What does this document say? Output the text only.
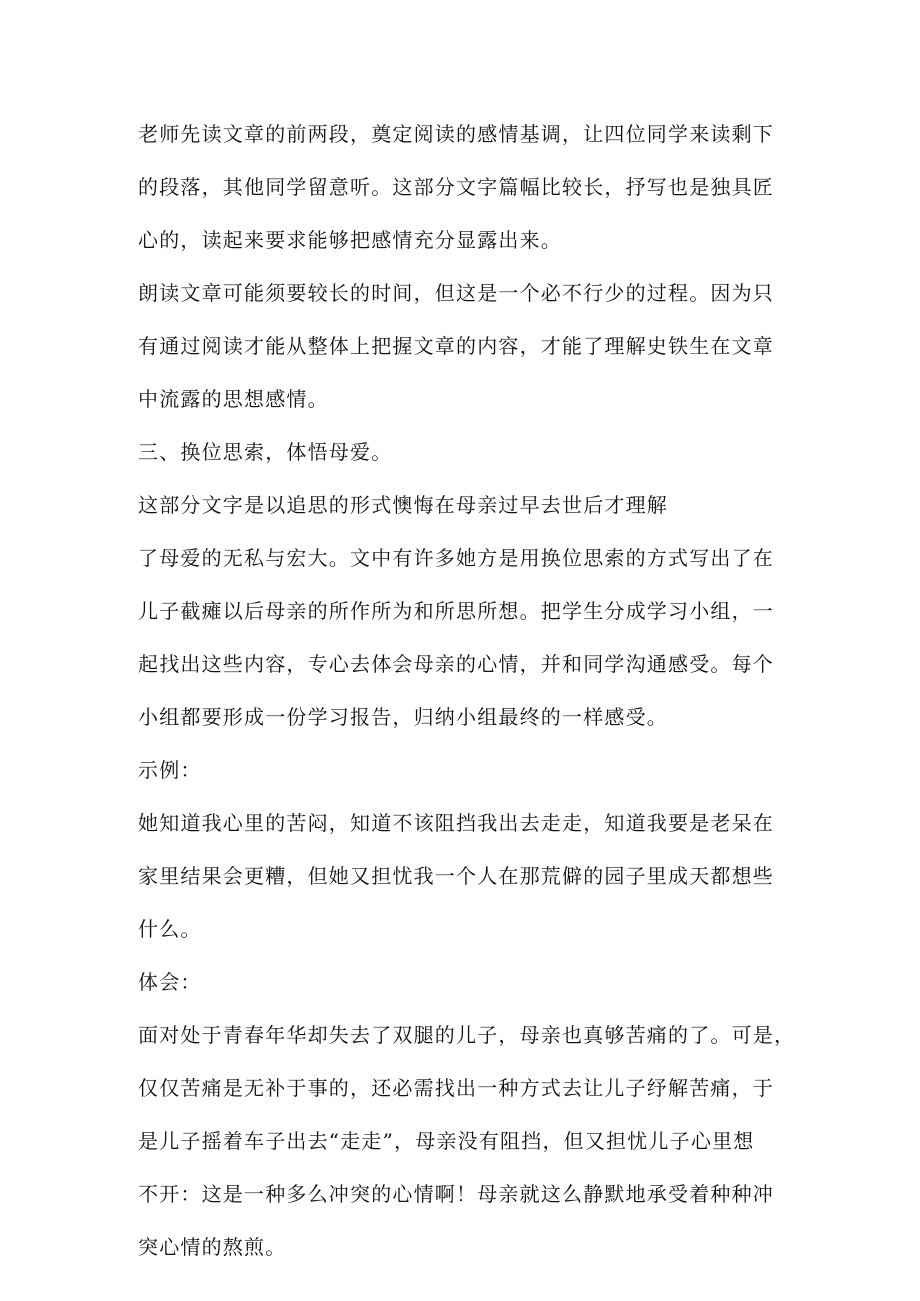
老师先读文章的前两段，奠定阅读的感情基调，让四位同学来读剩下
的段落，其他同学留意听。这部分文字篇幅比较长，抒写也是独具匠
心的，读起来要求能够把感情充分显露出来。
朗读文章可能须要较长的时间，但这是一个必不行少的过程。因为只
有通过阅读才能从整体上把握文章的内容，才能了理解史铁生在文章
中流露的思想感情。
三、换位思索，体悟母爱。
这部分文字是以追思的形式懊悔在母亲过早去世后才理解
了母爱的无私与宏大。文中有许多她方是用换位思索的方式写出了在
儿子截瘫以后母亲的所作所为和所思所想。把学生分成学习小组，一
起找出这些内容，专心去体会母亲的心情，并和同学沟通感受。每个
小组都要形成一份学习报告，归纳小组最终的一样感受。
示例：
她知道我心里的苦闷，知道不该阻挡我出去走走，知道我要是老呆在
家里结果会更糟，但她又担忧我一个人在那荒僻的园子里成天都想些
什么。
体会：
面对处于青春年华却失去了双腿的儿子，母亲也真够苦痛的了。可是，
仅仅苦痛是无补于事的，还必需找出一种方式去让儿子纾解苦痛，于
是儿子摇着车子出去“走走”，母亲没有阻挡，但又担忧儿子心里想
不开：这是一种多么冲突的心情啊！母亲就这么静默地承受着种种冲
突心情的熬煎。
